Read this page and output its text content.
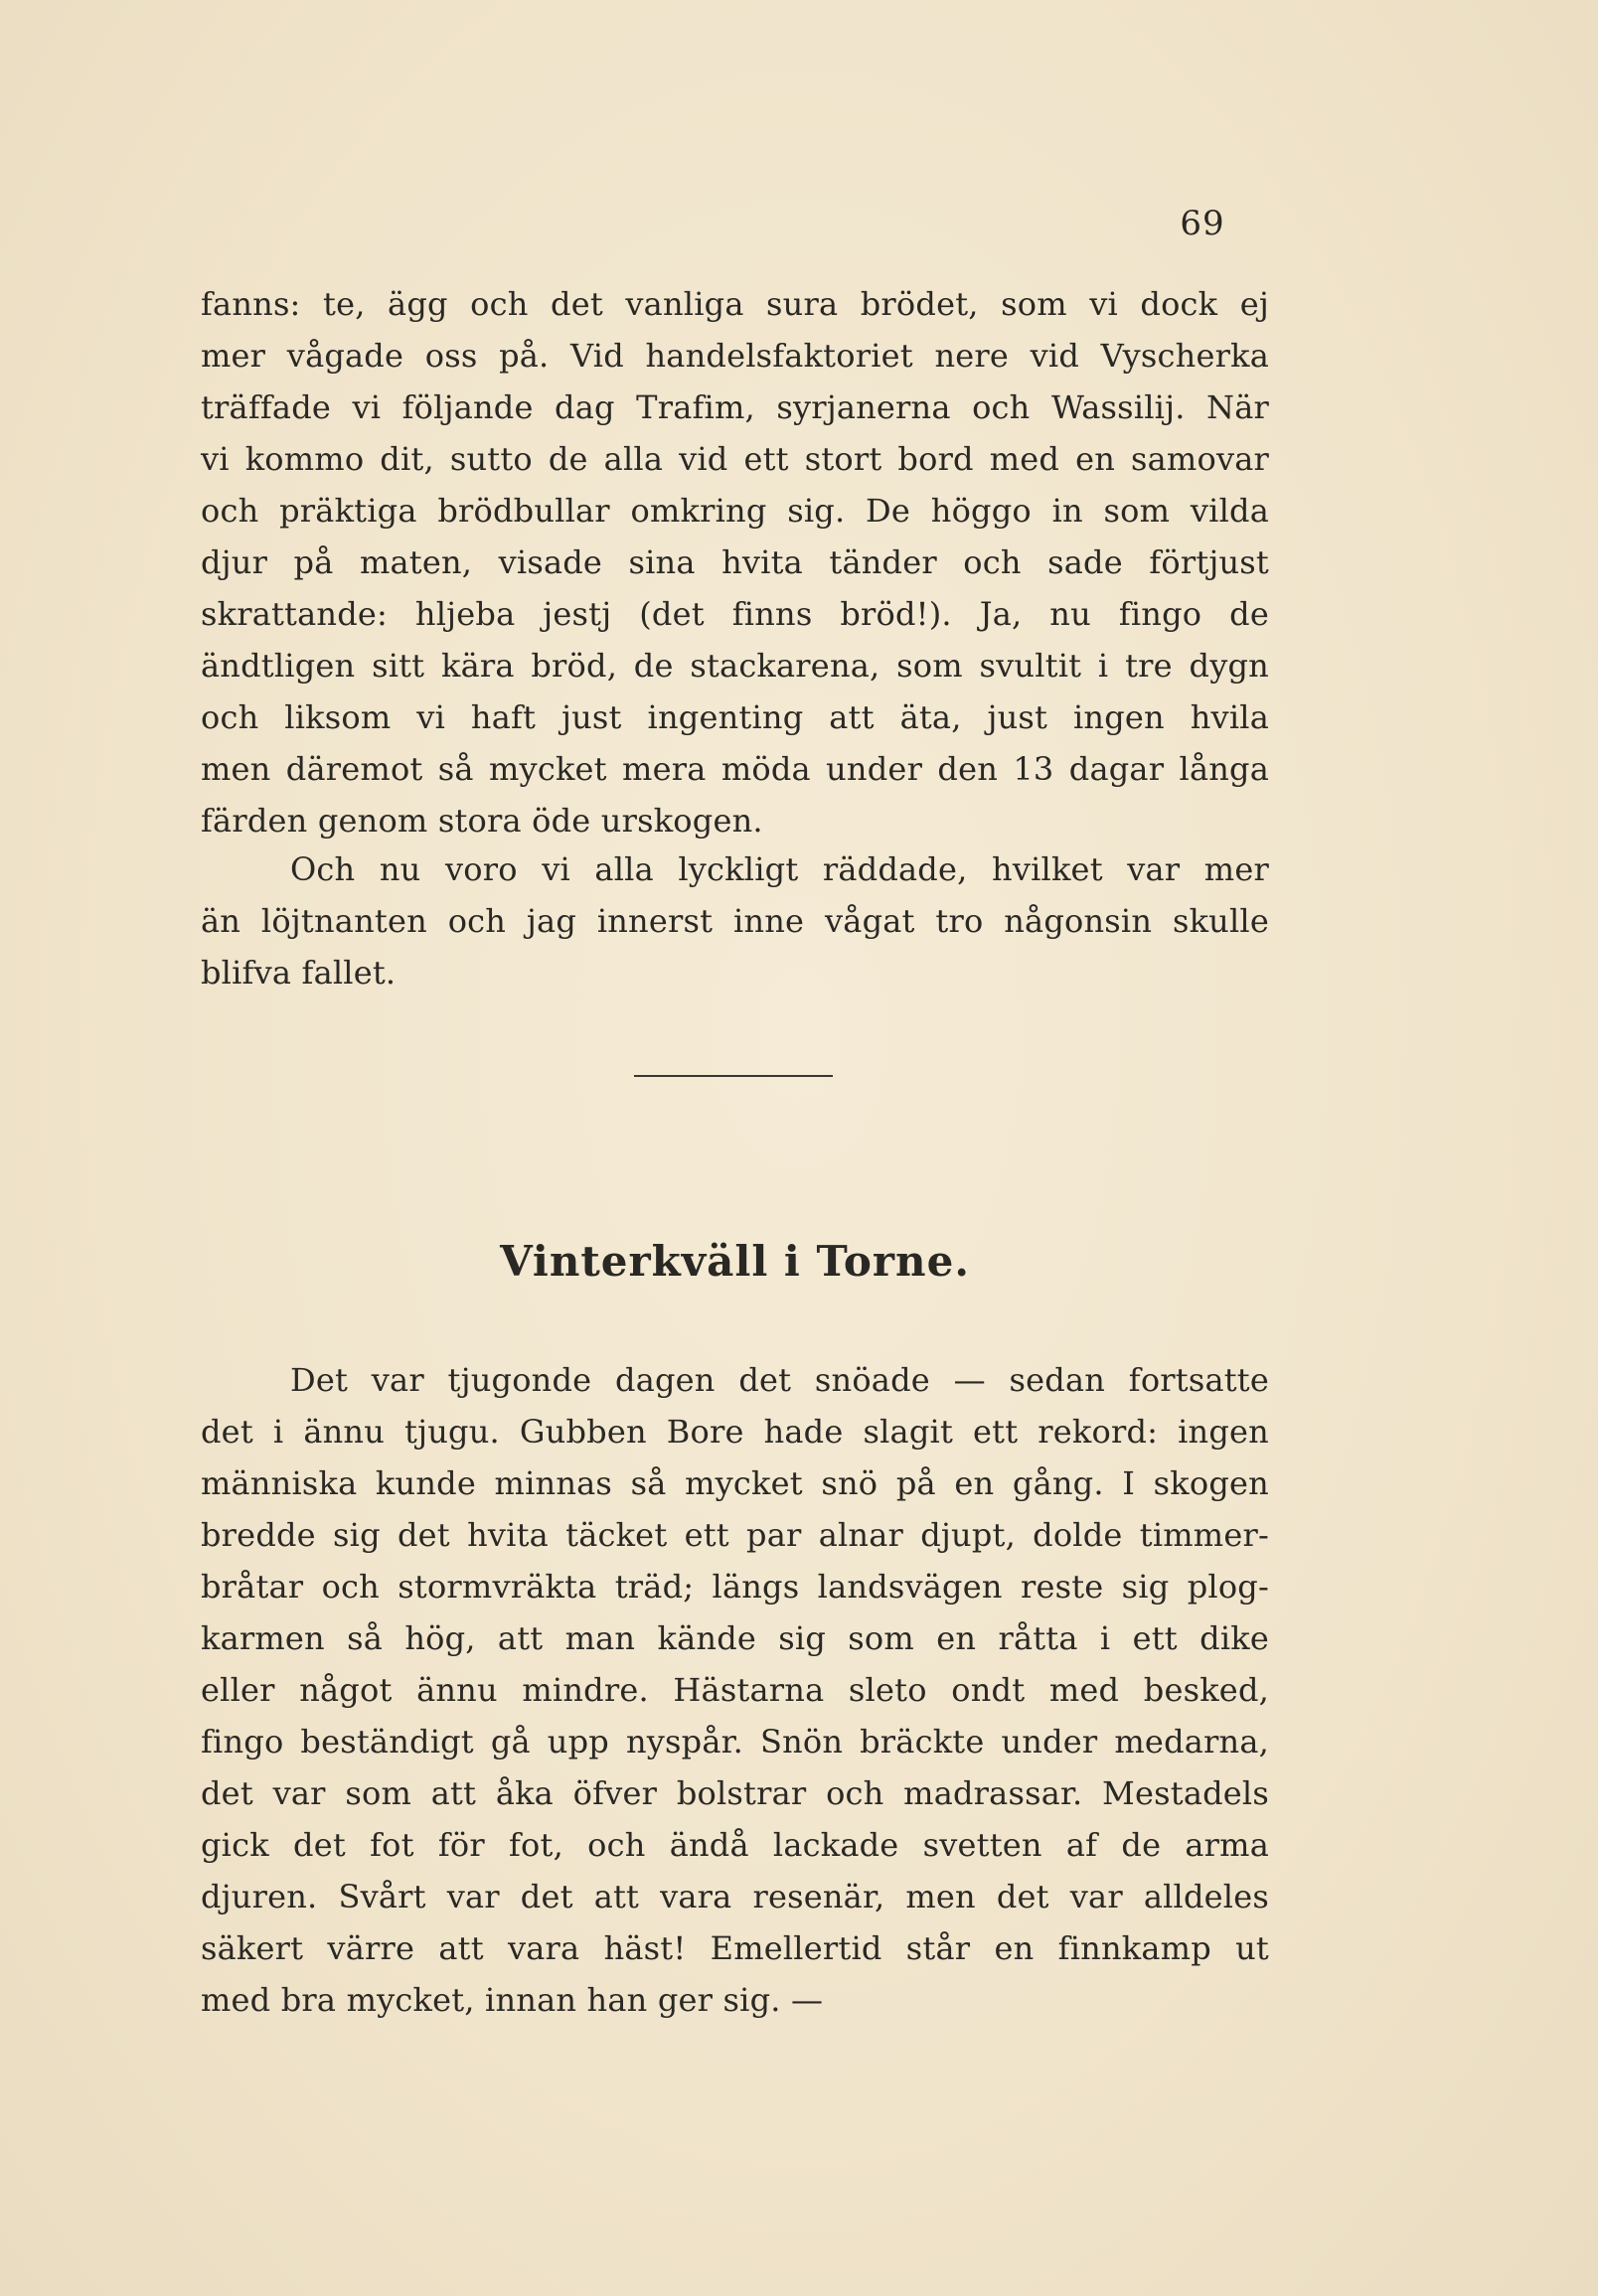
69
fanns: te, ägg och det vanliga sura brödet, som vi dock ej
mer vågade oss på. Vid handelsfaktoriet nere vid Vyscherka
träffade vi följande dag Trafim, syrjanerna och Wassilij. När
vi kommo dit, sutto de alla vid ett stort bord med en samovar
och präktiga brödbullar omkring sig. De höggo in som vilda
djur på maten, visade sina hvita tänder och sade förtjust
skrattande: hljeba jestj (det finns bröd!). Ja, nu fingo de
ändtligen sitt kära bröd, de stackarena, som svultit i tre dygn
och liksom vi haft just ingenting att äta, just ingen hvila
men däremot så mycket mera möda under den 13 dagar långa
färden genom stora öde urskogen.
Och nu voro vi alla lyckligt räddade, hvilket var mer
än löjtnanten och jag innerst inne vågat tro någonsin skulle
blifva fallet.
Vinterkväll i Torne.
Det var tjugonde dagen det snöade — sedan fortsatte
det i ännu tjugu. Gubben Bore hade slagit ett rekord: ingen
människa kunde minnas så mycket snö på en gång. I skogen
bredde sig det hvita täcket ett par alnar djupt, dolde timmer-
bråtar och stormvräkta träd; längs landsvägen reste sig plog-
karmen så hög, att man kände sig som en råtta i ett dike
eller något ännu mindre. Hästarna sleto ondt med besked,
fingo beständigt gå upp nyspår. Snön bräckte under medarna,
det var som att åka öfver bolstrar och madrassar. Mestadels
gick det fot för fot, och ändå lackade svetten af de arma
djuren. Svårt var det att vara resenär, men det var alldeles
säkert värre att vara häst! Emellertid står en finnkamp ut
med bra mycket, innan han ger sig. —
